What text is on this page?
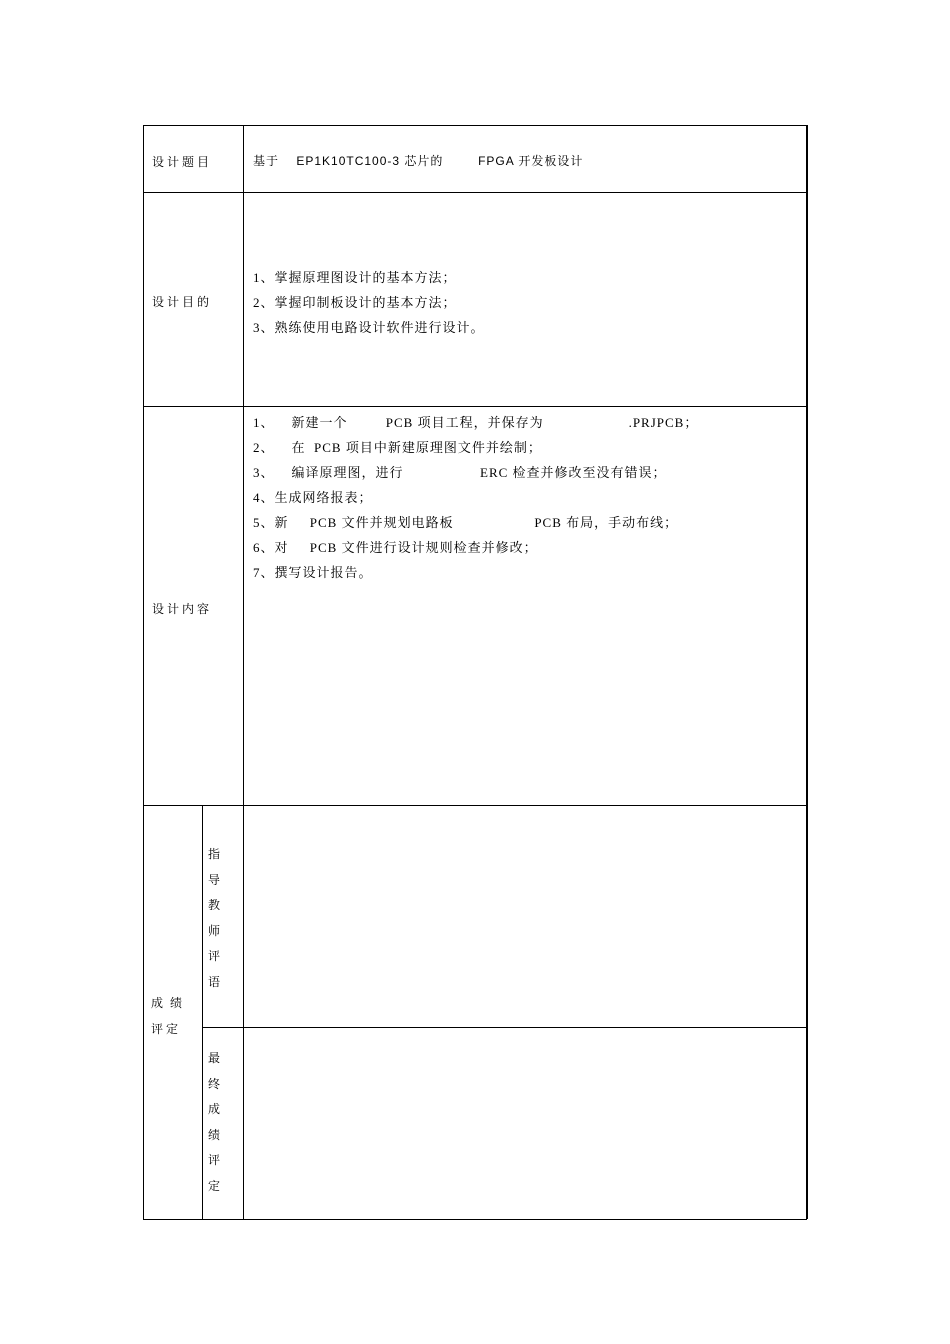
设计题目	基于    EP1K10TC100-3 芯片的        FPGA 开发板设计
设计目的
1、掌握原理图设计的基本方法；
2、掌握印制板设计的基本方法；
3、熟练使用电路设计软件进行设计。
设计内容
1、    新建一个         PCB 项目工程，并保存为                    .PRJPCB；
2、    在  PCB 项目中新建原理图文件并绘制；
3、    编译原理图，进行                  ERC 检查并修改至没有错误；
4、生成网络报表；
5、新     PCB 文件并规划电路板                   PCB 布局，手动布线；
6、对     PCB 文件进行设计规则检查并修改；
7、撰写设计报告。
成 绩
评定
指
导
教
师
评
语
最
终
成
绩
评
定
